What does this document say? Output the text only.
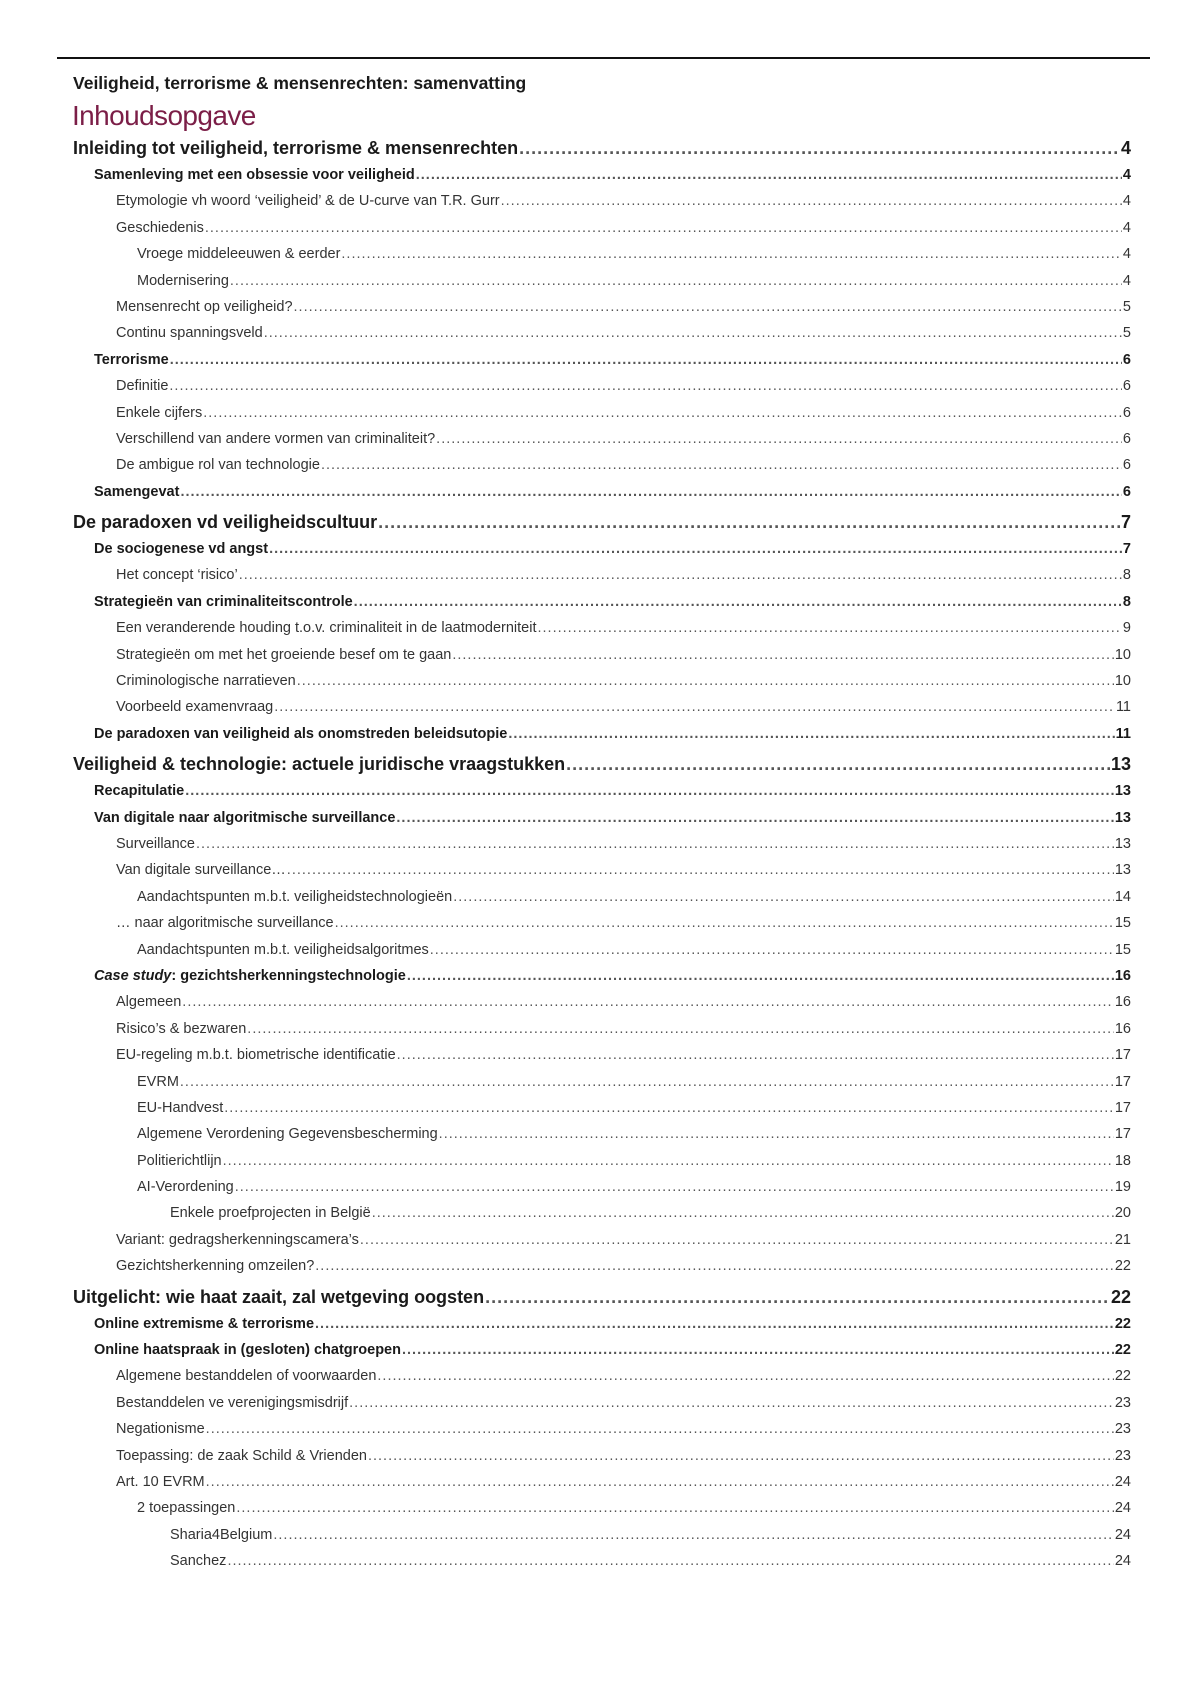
Veiligheid, terrorisme & mensenrechten: samenvatting
Inhoudsopgave
Inleiding tot veiligheid, terrorisme & mensenrechten .....	4
Samenleving met een obsessie voor veiligheid .....	4
Etymologie vh woord ‘veiligheid’ & de U-curve van T.R. Gurr .....	4
Geschiedenis .....	4
Vroege middeleeuwen & eerder .....	4
Modernisering .....	4
Mensenrecht op veiligheid? .....	5
Continu spanningsveld .....	5
Terrorisme .....	6
Definitie .....	6
Enkele cijfers .....	6
Verschillend van andere vormen van criminaliteit? .....	6
De ambigue rol van technologie .....	6
Samengevat .....	6
De paradoxen vd veiligheidscultuur .....	7
De sociogenese vd angst .....	7
Het concept ‘risico’ .....	8
Strategieën van criminaliteitscontrole .....	8
Een veranderende houding t.o.v. criminaliteit in de laatmoderniteit .....	9
Strategieën om met het groeiende besef om te gaan .....	10
Criminologische narratieven .....	10
Voorbeeld examenvraag .....	11
De paradoxen van veiligheid als onomstreden beleidsutopie .....	11
Veiligheid & technologie: actuele juridische vraagstukken .....	13
Recapitulatie .....	13
Van digitale naar algoritmische surveillance .....	13
Surveillance .....	13
Van digitale surveillance… .....	13
Aandachtspunten m.b.t. veiligheidstechnologieën .....	14
… naar algoritmische surveillance .....	15
Aandachtspunten m.b.t. veiligheidsalgoritmes .....	15
Case study: gezichtsherkenningstechnologie .....	16
Algemeen .....	16
Risico’s & bezwaren .....	16
EU-regeling m.b.t. biometrische identificatie .....	17
EVRM .....	17
EU-Handvest .....	17
Algemene Verordening Gegevensbescherming .....	17
Politierichtlijn .....	18
AI-Verordening .....	19
Enkele proefprojecten in België .....	20
Variant: gedragsherkenningscamera’s .....	21
Gezichtsherkenning omzeilen? .....	22
Uitgelicht: wie haat zaait, zal wetgeving oogsten .....	22
Online extremisme & terrorisme .....	22
Online haatspraak in (gesloten) chatgroepen .....	22
Algemene bestanddelen of voorwaarden .....	22
Bestanddelen ve verenigingsmisdrijf .....	23
Negationisme .....	23
Toepassing: de zaak Schild & Vrienden .....	23
Art. 10 EVRM .....	24
2 toepassingen .....	24
Sharia4Belgium .....	24
Sanchez .....	24
